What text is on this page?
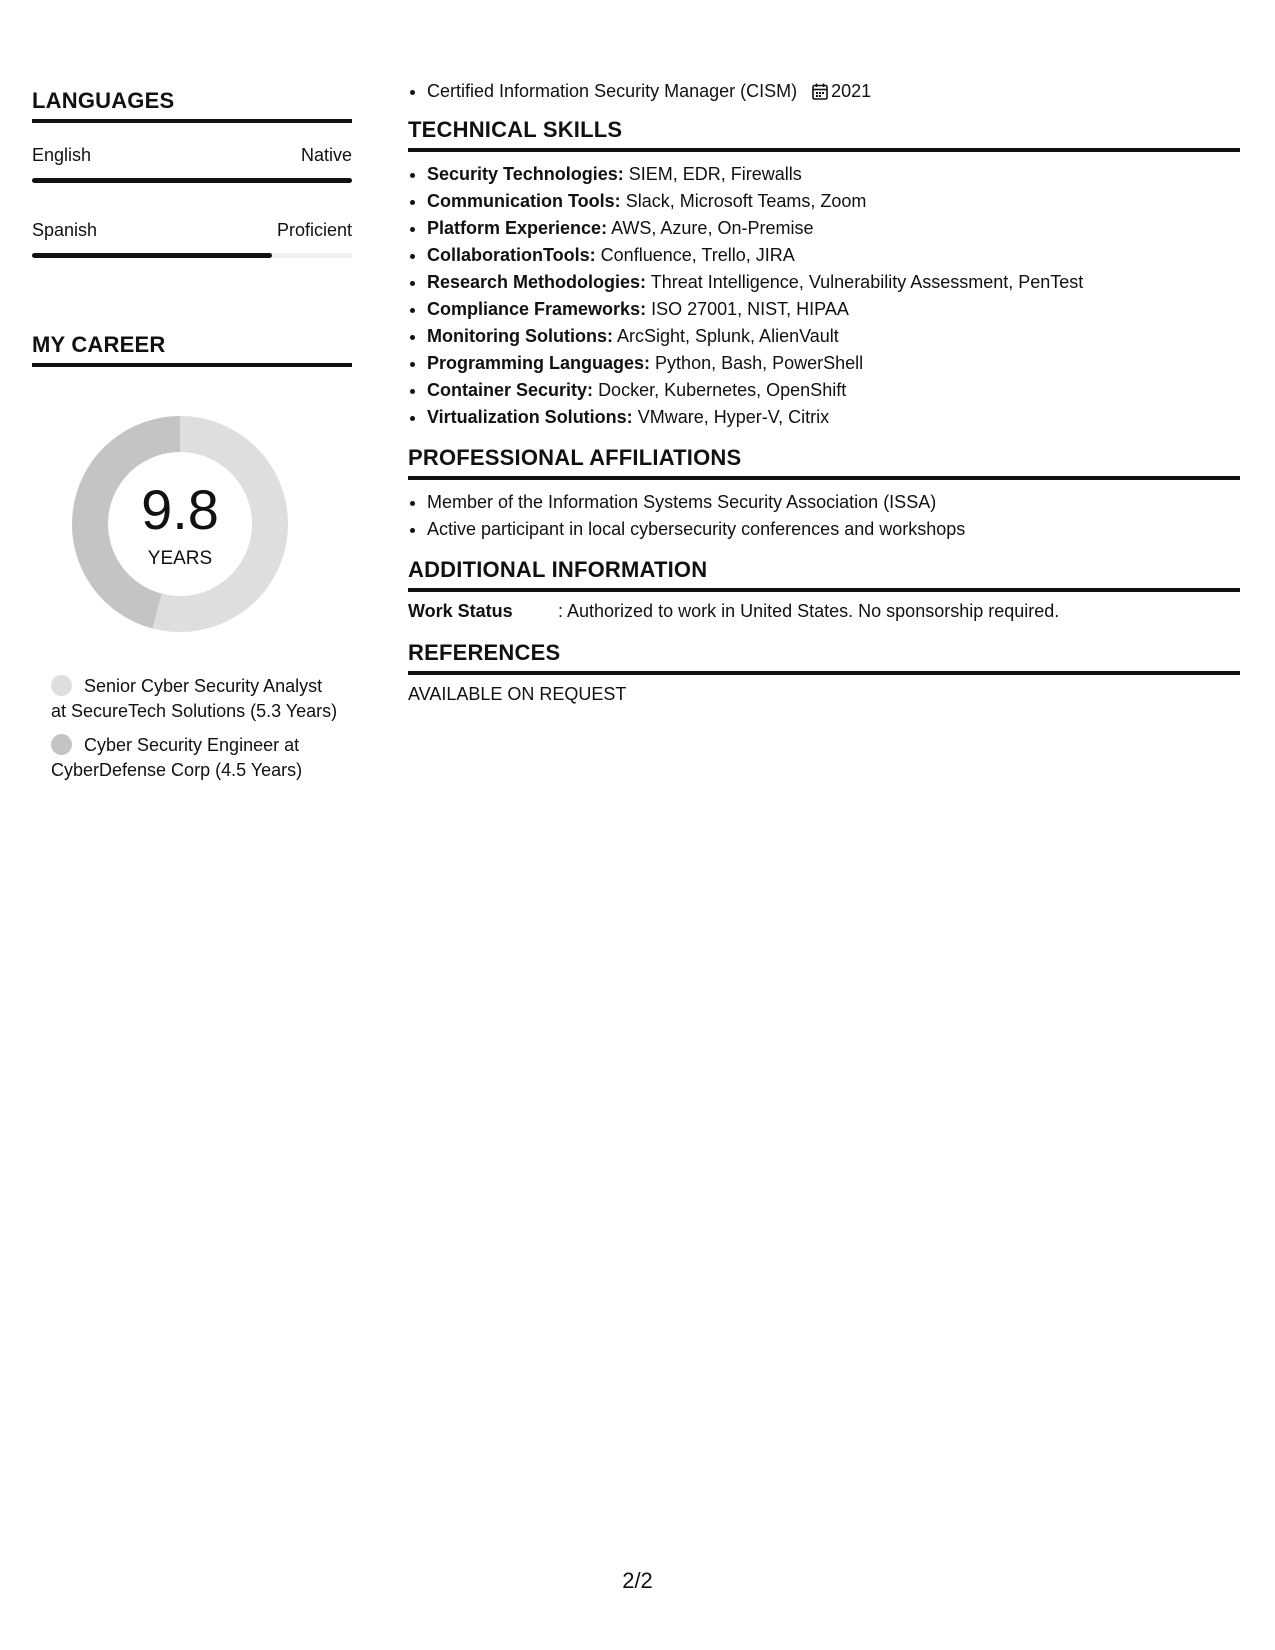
LANGUAGES
English	Native
Spanish	Proficient
MY CAREER
9.8
YEARS
Senior Cyber Security Analyst at SecureTech Solutions (5.3 Years)
Cyber Security Engineer at CyberDefense Corp (4.5 Years)
• Certified Information Security Manager (CISM) 2021
TECHNICAL SKILLS
• Security Technologies: SIEM, EDR, Firewalls
• Communication Tools: Slack, Microsoft Teams, Zoom
• Platform Experience: AWS, Azure, On-Premise
• CollaborationTools: Confluence, Trello, JIRA
• Research Methodologies: Threat Intelligence, Vulnerability Assessment, PenTest
• Compliance Frameworks: ISO 27001, NIST, HIPAA
• Monitoring Solutions: ArcSight, Splunk, AlienVault
• Programming Languages: Python, Bash, PowerShell
• Container Security: Docker, Kubernetes, OpenShift
• Virtualization Solutions: VMware, Hyper-V, Citrix
PROFESSIONAL AFFILIATIONS
• Member of the Information Systems Security Association (ISSA)
• Active participant in local cybersecurity conferences and workshops
ADDITIONAL INFORMATION
Work Status	: Authorized to work in United States. No sponsorship required.
REFERENCES
AVAILABLE ON REQUEST
2/2
